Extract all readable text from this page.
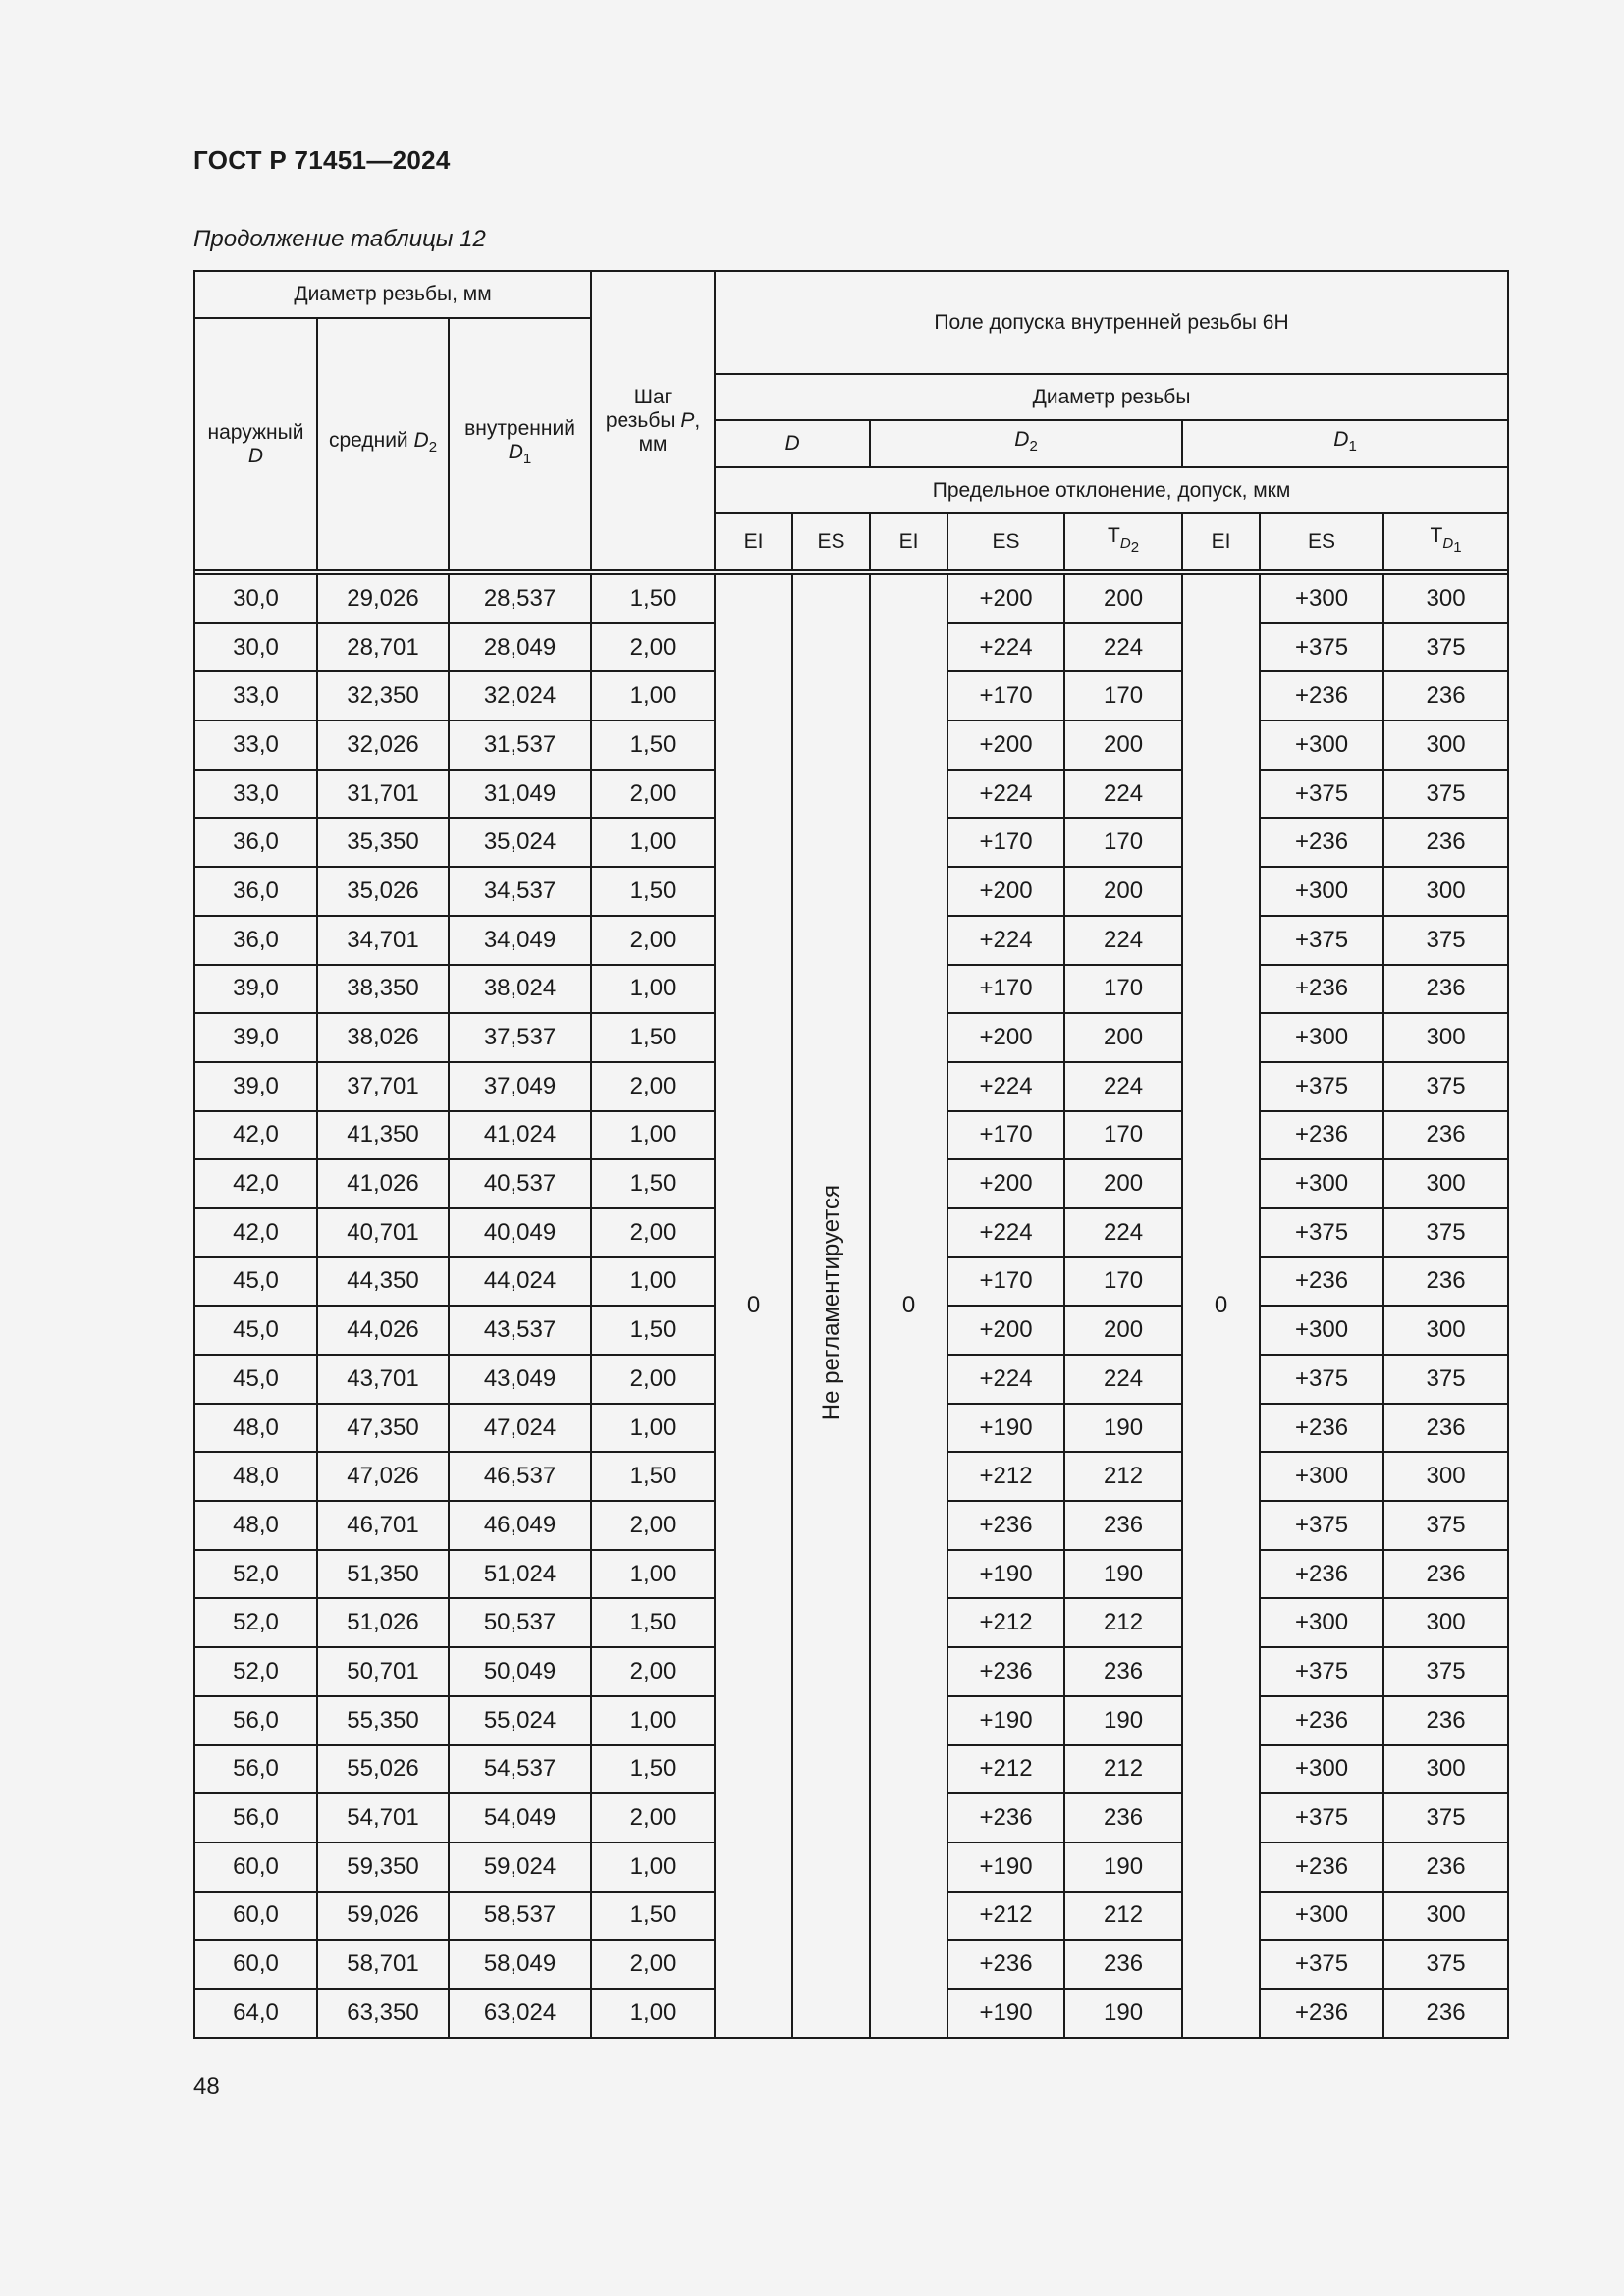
ГОСТ Р 71451—2024
Продолжение таблицы 12
Диаметр резьбы, мм			Шаг
резьбы P,
мм	Поле допуска внутренней резьбы 6H							
наружный
D	средний $D_2$	внутренний
$D_1$
				Диаметр резьбы							
				D		$D_2$			$D_1$
				Предельное отклонение, допуск, мкм							
				EI	ES	EI	ES	$T_{D_2}$	EI	ES	$T_{D_1}$

30,0	29,026	28,537	1,50	0	Не регламентируется	0	+200	200	0	+300	300
30,0	28,701	28,049	2,00				+224	224		+375	375
33,0	32,350	32,024	1,00				+170	170		+236	236
33,0	32,026	31,537	1,50				+200	200		+300	300
33,0	31,701	31,049	2,00				+224	224		+375	375
36,0	35,350	35,024	1,00				+170	170		+236	236
36,0	35,026	34,537	1,50				+200	200		+300	300
36,0	34,701	34,049	2,00				+224	224		+375	375
39,0	38,350	38,024	1,00				+170	170		+236	236
39,0	38,026	37,537	1,50				+200	200		+300	300
39,0	37,701	37,049	2,00				+224	224		+375	375
42,0	41,350	41,024	1,00				+170	170		+236	236
42,0	41,026	40,537	1,50				+200	200		+300	300
42,0	40,701	40,049	2,00				+224	224		+375	375
45,0	44,350	44,024	1,00				+170	170		+236	236
45,0	44,026	43,537	1,50				+200	200		+300	300
45,0	43,701	43,049	2,00				+224	224		+375	375
48,0	47,350	47,024	1,00				+190	190		+236	236
48,0	47,026	46,537	1,50				+212	212		+300	300
48,0	46,701	46,049	2,00				+236	236		+375	375
52,0	51,350	51,024	1,00				+190	190		+236	236
52,0	51,026	50,537	1,50				+212	212		+300	300
52,0	50,701	50,049	2,00				+236	236		+375	375
56,0	55,350	55,024	1,00				+190	190		+236	236
56,0	55,026	54,537	1,50				+212	212		+300	300
56,0	54,701	54,049	2,00				+236	236		+375	375
60,0	59,350	59,024	1,00				+190	190		+236	236
60,0	59,026	58,537	1,50				+212	212		+300	300
60,0	58,701	58,049	2,00				+236	236		+375	375
64,0	63,350	63,024	1,00				+190	190		+236	236
48
